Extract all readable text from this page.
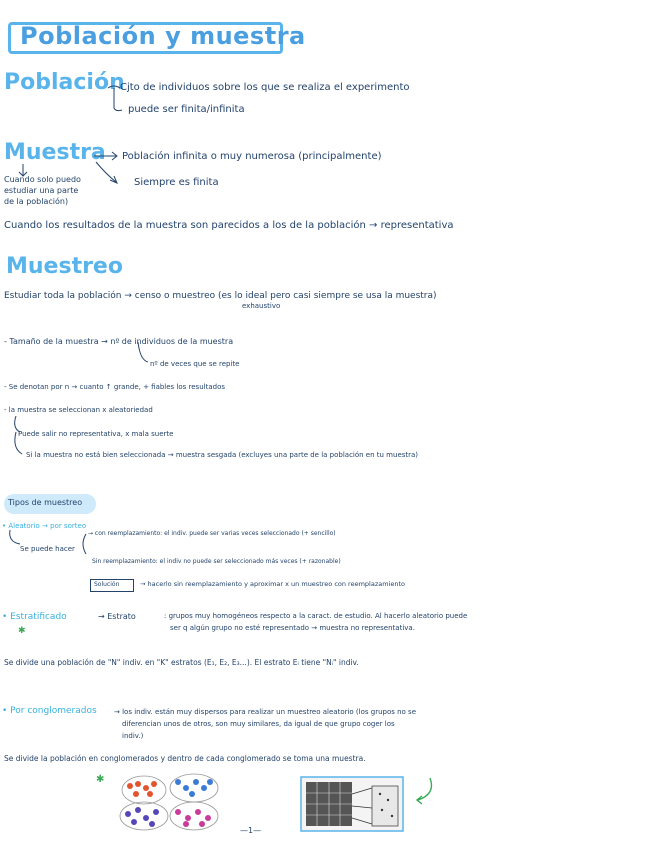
Población y muestra
Población
Cjto de individuos sobre los que se realiza el experimento
puede ser finita/infinita
Muestra Población infinita o muy numerosa (principalmente)
Siempre es finita
Cuando solo puedo
estudiar una parte
de la población)
Cuando los resultados de la muestra son parecidos a los de la población → representativa
Muestreo
Estudiar toda la población → censo o muestreo (es lo ideal pero casi siempre se usa la muestra)
exhaustivo
- Tamaño de la muestra → nº de individuos de la muestra
nº de veces que se repite
- Se denotan por n → cuanto ↑ grande, + fiables los resultados
- la muestra se seleccionan x aleatoriedad
Puede salir no representativa, x mala suerte
Si la muestra no está bien seleccionada → muestra sesgada (excluyes una parte de la población en tu muestra)
Tipos de muestreo
• Aleatorio → por sorteo
Se puede hacer
→ con reemplazamiento: el indiv. puede ser varias veces seleccionado (+ sencillo)
Sin reemplazamiento: el indiv no puede ser seleccionado más veces (+ razonable)
Solución	→ hacerlo sin reemplazamiento y aproximar x un muestreo con reemplazamiento
• Estratificado
✱
→ Estrato	: grupos muy homogéneos respecto a la caract. de estudio. Al hacerlo aleatorio puede
ser q algún grupo no esté representado → muestra no representativa.
Se divide una población de "N" indiv. en "K" estratos (E₁, E₂, E₃...). El estrato Eᵢ tiene "Nᵢ" indiv.
• Por conglomerados → los indiv. están muy dispersos para realizar un muestreo aleatorio (los grupos no se
diferencian unos de otros, son muy similares, da igual de que grupo coger los
indiv.)
Se divide la población en conglomerados y dentro de cada conglomerado se toma una muestra.
✱
—1—
